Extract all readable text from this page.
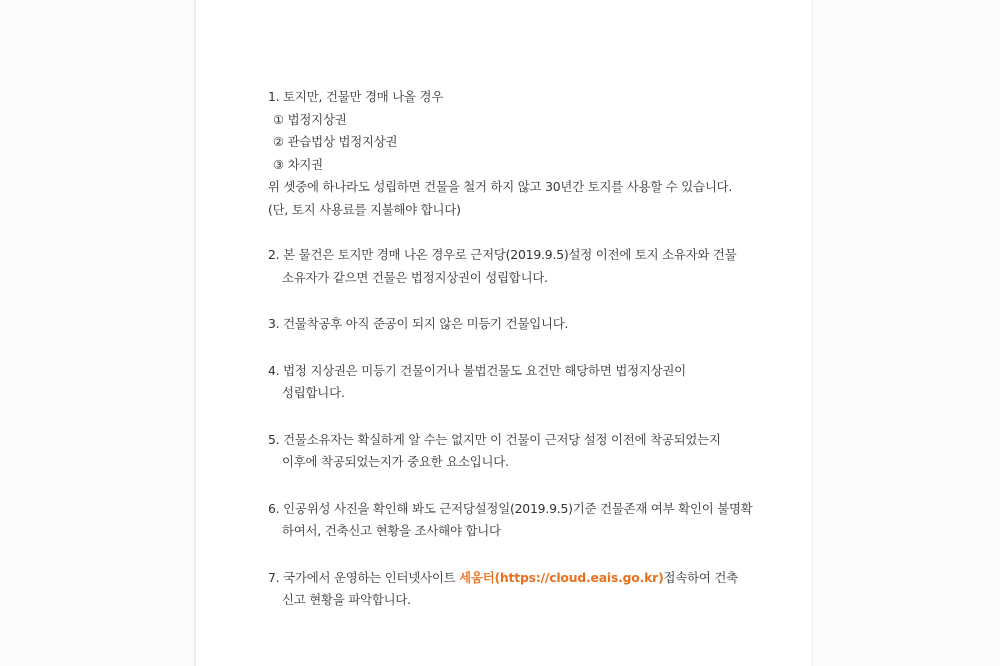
1. 토지만, 건물만 경매 나올 경우
① 법정지상권
② 관습법상 법정지상권
③ 차지권
위 셋중에 하나라도 성립하면 건물을 철거 하지 않고 30년간 토지를 사용할 수 있습니다.
(단, 토지 사용료를 지불해야 합니다)
2. 본 물건은 토지만 경매 나온 경우로 근저당(2019.9.5)설정 이전에 토지 소유자와 건물
소유자가 같으면 건물은 법정지상권이 성립합니다.
3. 건물착공후 아직 준공이 되지 않은 미등기 건물입니다.
4. 법정 지상권은 미등기 건물이거나 불법건물도 요건만 해당하면 법정지상권이
성립합니다.
5. 건물소유자는 확실하게 알 수는 없지만 이 건물이 근저당 설정 이전에 착공되었는지
이후에 착공되었는지가 중요한 요소입니다.
6. 인공위성 사진을 확인해 봐도 근저당설정일(2019.9.5)기준 건물존재 여부 확인이 불명확
하여서, 건축신고 현황을 조사해야 합니다
7. 국가에서 운영하는 인터넷사이트 세움터(https://cloud.eais.go.kr)접속하여 건축
신고 현황을 파악합니다.
